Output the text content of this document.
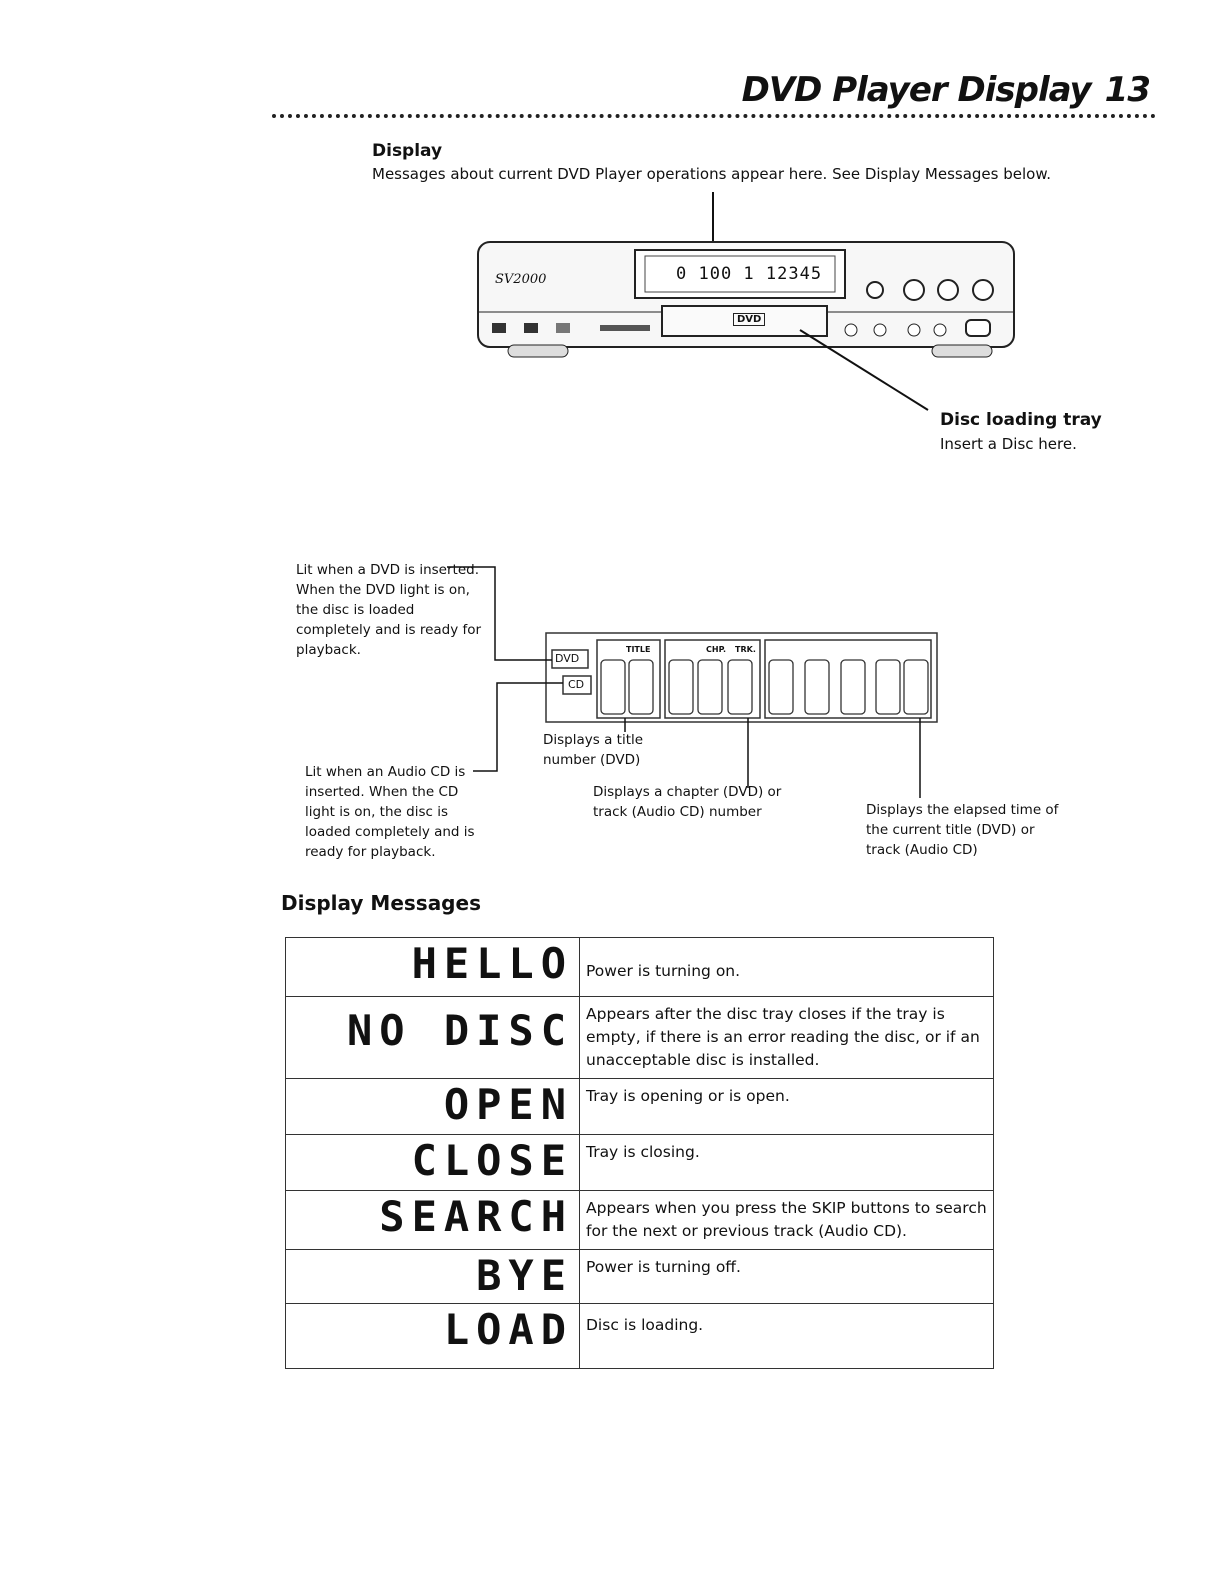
DVD Player Display 13
Display
Messages about current DVD Player operations appear here. See Display Messages below.
SV2000	0 100 1 12345
DVD
DVD
CD
TITLE	CHP. TRK.
Disc loading tray
Insert a Disc here.
Lit when a DVD is inserted. When the DVD light is on, the disc is loaded completely and is ready for playback.
Lit when an Audio CD is inserted. When the CD light is on, the disc is loaded completely and is ready for playback.
Displays a title number (DVD)
Displays a chapter (DVD) or track (Audio CD) number	Displays the elapsed time of the current title (DVD) or track (Audio CD)
Display Messages
HELLO	Power is turning on.
NO DISC	Appears after the disc tray closes if the tray is empty, if there is an error reading the disc, or if an unacceptable disc is installed.
OPEN	Tray is opening or is open.
CLOSE	Tray is closing.
SEARCH	Appears when you press the SKIP buttons to search for the next or previous track (Audio CD).
BYE	Power is turning off.
LOAD	Disc is loading.
